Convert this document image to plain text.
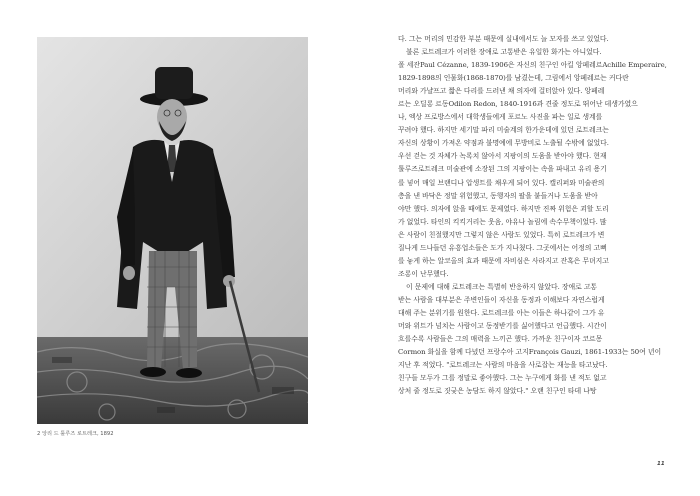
2 앙리 드 툴루즈 로트레크, 1892
다. 그는 머리의 민감한 부분 때문에 실내에서도 늘 모자를 쓰고 있었다.
불론 로트레크가 이러한 장애로 고통받은 유일한 화가는 아니었다.
폴 세잔Paul Cézanne, 1839-1906은 자신의 친구인 아킬 앙페레르Achille Emperaire,
1829-1898의 인물화(1868-1870)를 남겼는데, 그림에서 앙페레르는 커다란
머리와 가냘프고 짧은 다리를 드러낸 채 의자에 걸터앉아 있다. 앙페레
르는 오딜롱 르동Odilon Redon, 1840-1916과 견줄 정도로 뛰어난 데생가였으
나, 엑상 프로방스에서 대학생들에게 포르노 사진을 파는 일로 생계를
꾸려야 했다. 하지만 세기말 파리 미술계의 한가운데에 있던 로트레크는
자신의 상황이 가져온 약점과 불명예에 무방비로 노출될 수밖에 없었다.
우선 걷는 것 자체가 녹록치 않아서 지팡이의 도움을 받아야 했다. 현재
툴루즈로트레크 미술관에 소장된 그의 지팡이는 속을 파내고 유리 용기
를 넣어 매일 브랜디나 압생트를 채우게 되어 있다. 캘리퍼와 미술관의
층을 낸 바닥은 정말 위험했고, 동행자의 팔을 붙들거나 도움을 받아
야만 했다. 의자에 앉을 때에도 문제였다. 하지만 진짜 위험은 괴할 도리
가 없었다. 타인의 킥킥거리는 웃음, 야유나 놀림에 속수무책이었다. 많
은 사람이 친절했지만 그렇지 않은 사람도 있었다. 특히 로트레크가 변
질나게 드나들던 유흥업소들은 도가 지나쳤다. 그곳에서는 어정의 고뻐
를 놓게 하는 알코올의 효과 때문에 자비심은 사라지고 잔혹은 무뎌지고
조롱이 난무했다.
이 문제에 대해 로트레크는 특별히 반응하지 않았다. 장애로 고통
받는 사람을 대부분은 주변인들이 자신을 동정과 이해보다 자연스럽게
대해 주는 분위기를 원한다. 로트레크를 아는 이들은 하나같이 그가 유
머와 위트가 넘치는 사람이고 동정받기를 싫어했다고 언급했다. 시간이
흐를수록 사람들은 그의 매력을 느끼곤 했다. 가까운 친구이자 코르몽
Cormon 화실을 함께 다녔던 프랑수아 고지François Gauzi, 1861-1933는 50여 년이
지난 후 적었다. "로트레크는 사람의 마음을 사로잡는 재능을 타고났다.
친구들 모두가 그를 정말로 좋아했다. 그는 누구에게 화를 낸 적도 없고
상처 줄 정도로 짓궂은 농담도 하지 않았다." 오랜 친구인 타데 나탕
11
